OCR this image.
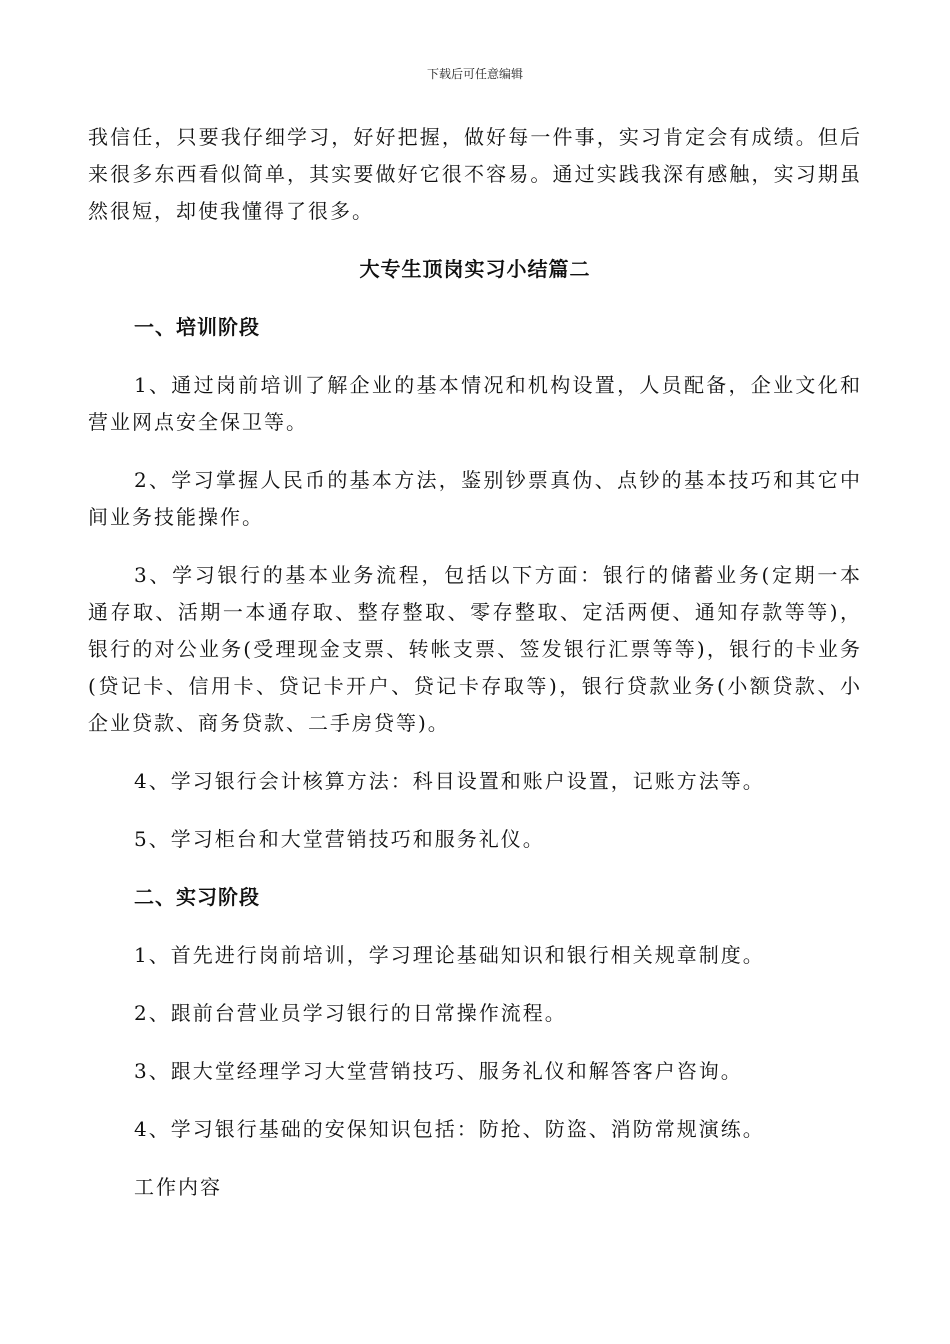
下载后可任意编辑

我信任，只要我仔细学习，好好把握，做好每一件事，实习肯定会有成绩。但后来很多东西看似简单，其实要做好它很不容易。通过实践我深有感触，实习期虽然很短，却使我懂得了很多。

大专生顶岗实习小结篇二
一、培训阶段

1、通过岗前培训了解企业的基本情况和机构设置，人员配备，企业文化和营业网点安全保卫等。

2、学习掌握人民币的基本方法，鉴别钞票真伪、点钞的基本技巧和其它中间业务技能操作。

3、学习银行的基本业务流程，包括以下方面：银行的储蓄业务(定期一本通存取、活期一本通存取、整存整取、零存整取、定活两便、通知存款等等)，银行的对公业务(受理现金支票、转帐支票、签发银行汇票等等)，银行的卡业务(贷记卡、信用卡、贷记卡开户、贷记卡存取等)，银行贷款业务(小额贷款、小企业贷款、商务贷款、二手房贷等)。

4、学习银行会计核算方法：科目设置和账户设置，记账方法等。

5、学习柜台和大堂营销技巧和服务礼仪。

二、实习阶段

1、首先进行岗前培训，学习理论基础知识和银行相关规章制度。

2、跟前台营业员学习银行的日常操作流程。

3、跟大堂经理学习大堂营销技巧、服务礼仪和解答客户咨询。

4、学习银行基础的安保知识包括：防抢、防盗、消防常规演练。

工作内容
